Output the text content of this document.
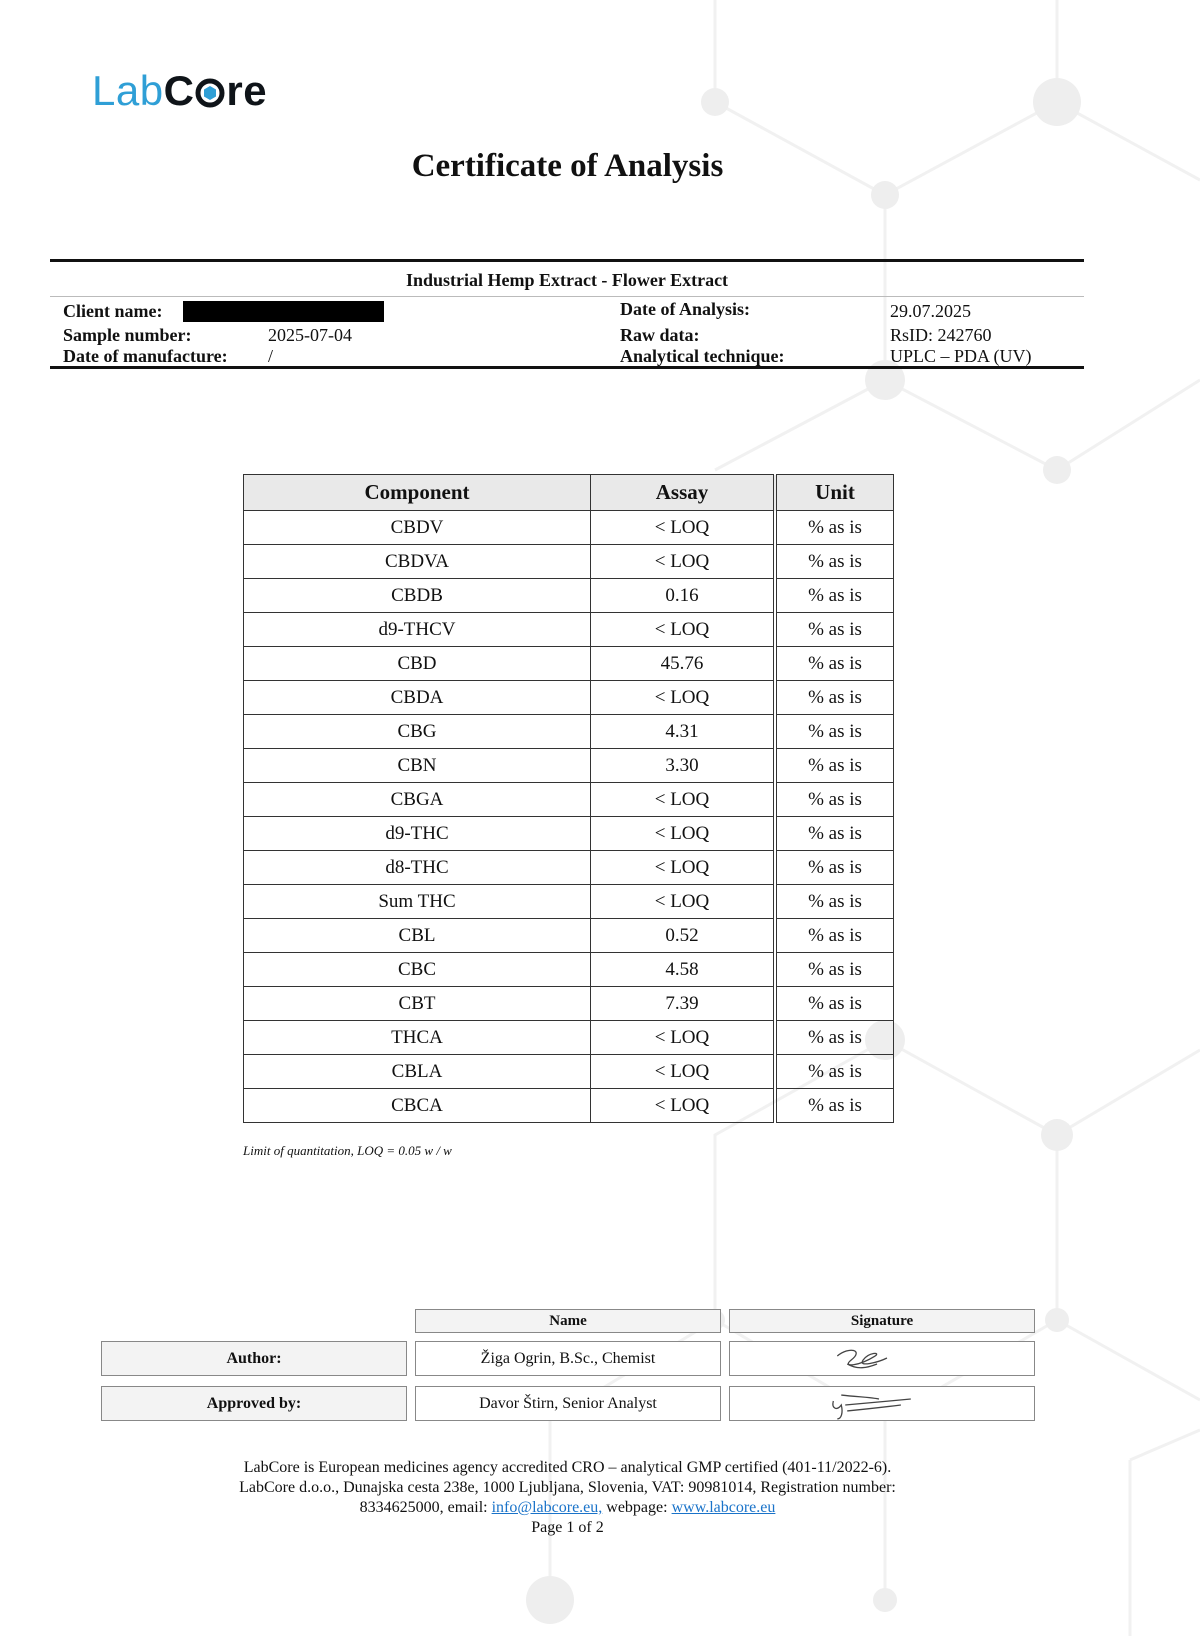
LabC re
Certificate of Analysis
Industrial Hemp Extract - Flower Extract
Client name:
Sample number:	2025-07-04
Date of manufacture: /
Date of Analysis:	29.07.2025
Raw data:	RsID: 242760
Analytical technique:	UPLC – PDA (UV)
Component	Assay	Unit
CBDV	< LOQ	% as is
CBDVA	< LOQ	% as is
CBDB	0.16	% as is
d9-THCV	< LOQ	% as is
CBD	45.76	% as is
CBDA	< LOQ	% as is
CBG	4.31	% as is
CBN	3.30	% as is
CBGA	< LOQ	% as is
d9-THC	< LOQ	% as is
d8-THC	< LOQ	% as is
Sum THC	< LOQ	% as is
CBL	0.52	% as is
CBC	4.58	% as is
CBT	7.39	% as is
THCA	< LOQ	% as is
CBLA	< LOQ	% as is
CBCA	< LOQ	% as is
Limit of quantitation, LOQ = 0.05 w / w
Name	Signature
Author:	Žiga Ogrin, B.Sc., Chemist
Approved by:	Davor Štirn, Senior Analyst
LabCore is European medicines agency accredited CRO – analytical GMP certified (401-11/2022-6).
LabCore d.o.o., Dunajska cesta 238e, 1000 Ljubljana, Slovenia, VAT: 90981014, Registration number:
8334625000, email: info@labcore.eu, webpage: www.labcore.eu
Page 1 of 2
